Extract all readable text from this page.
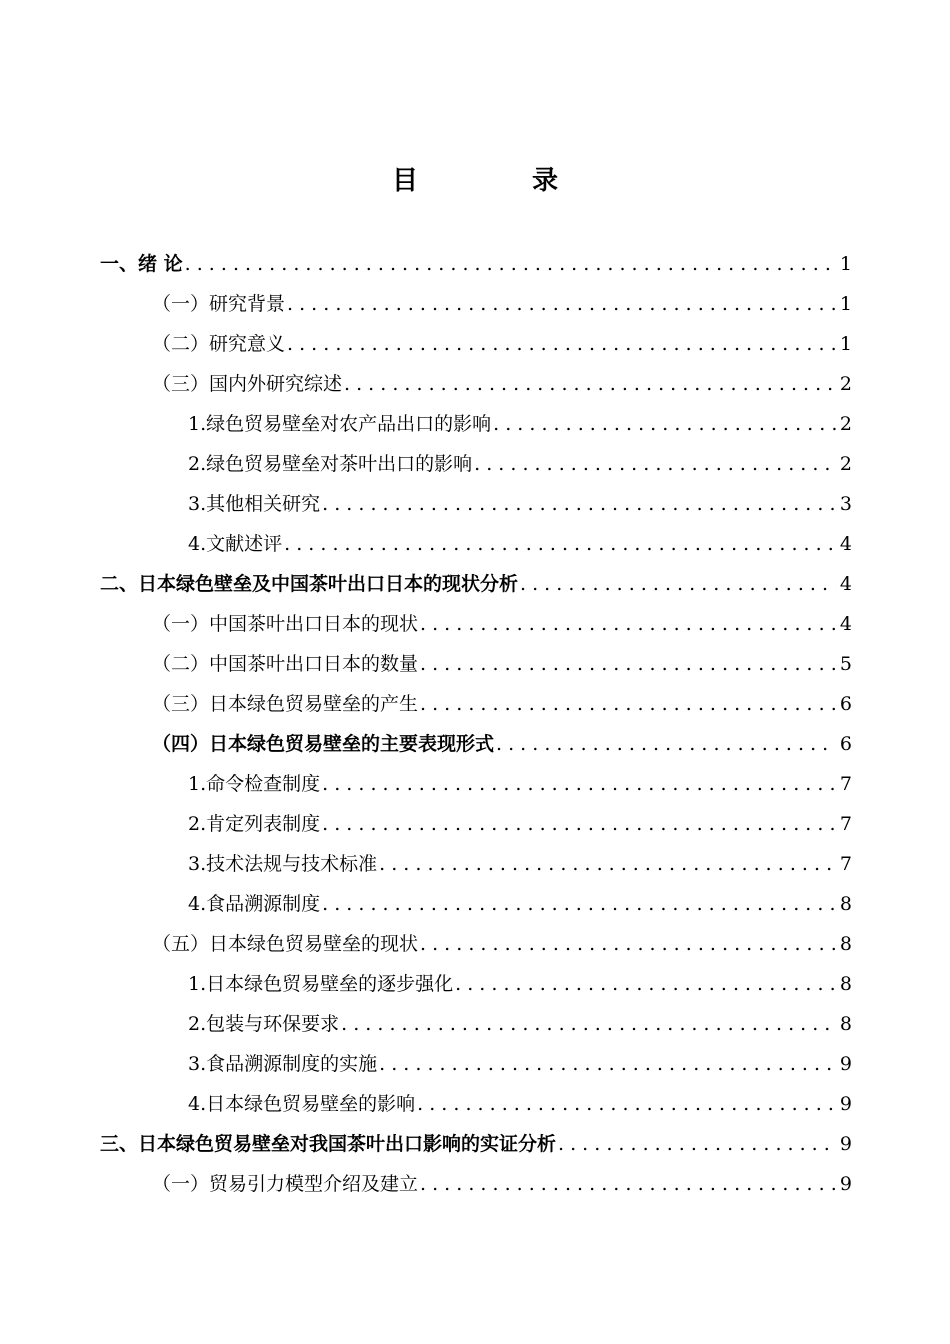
目　录
一、绪 论 . . .	1
（一）研究背景 . . .	1
（二）研究意义 . . .	1
（三）国内外研究综述 . . .	2
1.绿色贸易壁垒对农产品出口的影响 . . .	2
2.绿色贸易壁垒对茶叶出口的影响 . . .	2
3.其他相关研究 . . .	3
4.文献述评 . . .	4
二、日本绿色壁垒及中国茶叶出口日本的现状分析 . . .	4
（一）中国茶叶出口日本的现状 . . .	4
（二）中国茶叶出口日本的数量 . . .	5
（三）日本绿色贸易壁垒的产生 . . .	6
（四）日本绿色贸易壁垒的主要表现形式 . . .	6
1.命令检查制度 . . .	7
2.肯定列表制度 . . .	7
3.技术法规与技术标准 . . .	7
4.食品溯源制度 . . .	8
（五）日本绿色贸易壁垒的现状 . . .	8
1.日本绿色贸易壁垒的逐步强化 . . .	8
2.包装与环保要求 . . .	8
3.食品溯源制度的实施 . . .	9
4.日本绿色贸易壁垒的影响 . . .	9
三、日本绿色贸易壁垒对我国茶叶出口影响的实证分析 . . .	9
（一）贸易引力模型介绍及建立 . . .	9
